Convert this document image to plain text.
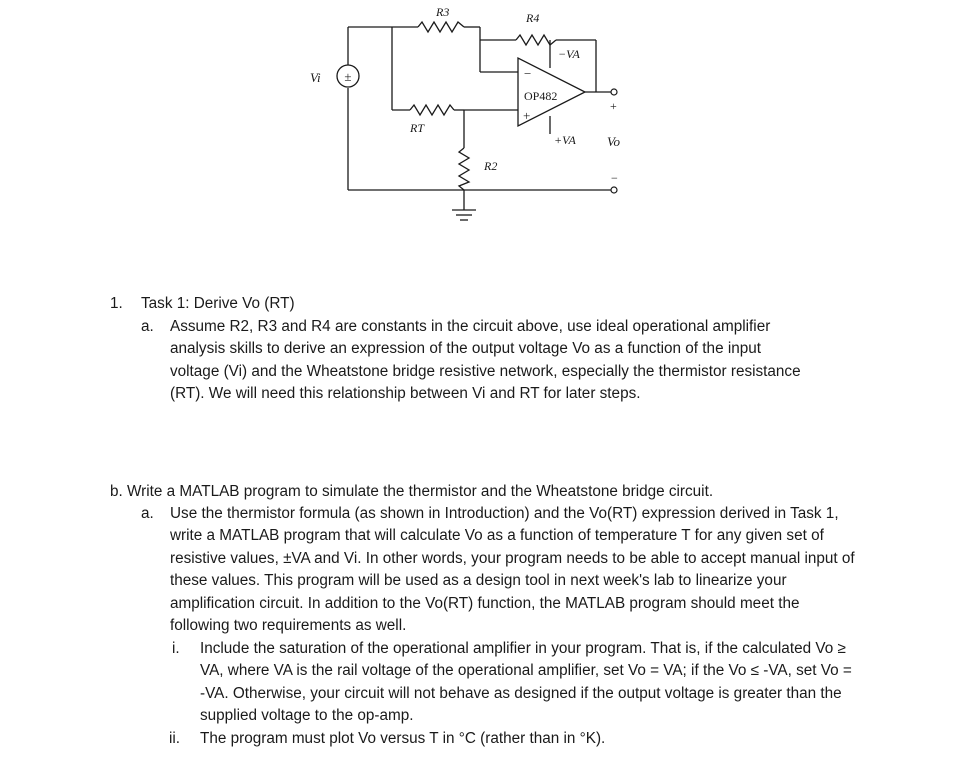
±
OP482
−
+
+
−
R3	R4
RT
R2
Vi
Vo
−VA
+VA
1. Task 1: Derive Vo (RT)
a. Assume R2, R3 and R4 are constants in the circuit above, use ideal operational amplifier analysis skills to derive an expression of the output voltage Vo as a function of the input voltage (Vi) and the Wheatstone bridge resistive network, especially the thermistor resistance (RT). We will need this relationship between Vi and RT for later steps.
b. Write a MATLAB program to simulate the thermistor and the Wheatstone bridge circuit.
a. Use the thermistor formula (as shown in Introduction) and the Vo(RT) expression derived in Task 1, write a MATLAB program that will calculate Vo as a function of temperature T for any given set of resistive values, ±VA and Vi. In other words, your program needs to be able to accept manual input of these values. This program will be used as a design tool in next week's lab to linearize your amplification circuit. In addition to the Vo(RT) function, the MATLAB program should meet the following two requirements as well.
i. Include the saturation of the operational amplifier in your program. That is, if the calculated Vo ≥ VA, where VA is the rail voltage of the operational amplifier, set Vo = VA; if the Vo ≤ -VA, set Vo = -VA. Otherwise, your circuit will not behave as designed if the output voltage is greater than the supplied voltage to the op-amp.
ii. The program must plot Vo versus T in °C (rather than in °K).
